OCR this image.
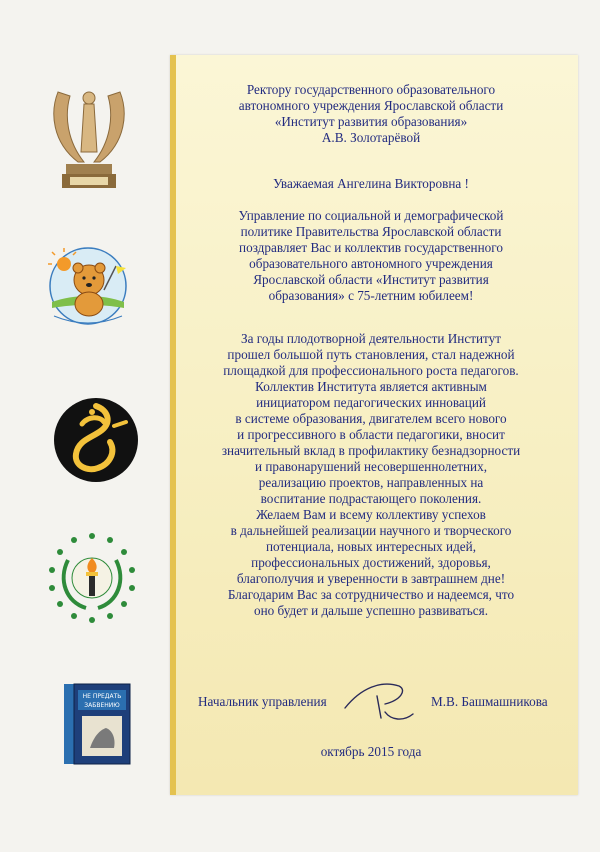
НЕ ПРЕДАТЬ
ЗАБВЕНИЮ
Ректору государственного образовательного
автономного учреждения Ярославской области
«Институт развития образования»
А.В. Золотарёвой
Уважаемая Ангелина Викторовна !
Управление по социальной и демографической
политике Правительства Ярославской области
поздравляет Вас и коллектив государственного
образовательного автономного учреждения
Ярославской области «Институт развития
образования» с 75-летним юбилеем!
За годы плодотворной деятельности Институт
прошел большой путь становления, стал надежной
площадкой для профессионального роста педагогов.
Коллектив Института является активным
инициатором педагогических инноваций
в системе образования, двигателем всего нового
и прогрессивного в области педагогики, вносит
значительный вклад в профилактику безнадзорности
и правонарушений несовершеннолетних,
реализацию проектов, направленных на
воспитание подрастающего поколения.
Желаем Вам и всему коллективу успехов
в дальнейшей реализации научного и творческого
потенциала, новых интересных идей,
профессиональных достижений, здоровья,
благополучия и уверенности в завтрашнем дне!
Благодарим Вас за сотрудничество и надеемся, что
оно будет и дальше успешно развиваться.
Начальник управления	М.В. Башмашникова
октябрь 2015 года
